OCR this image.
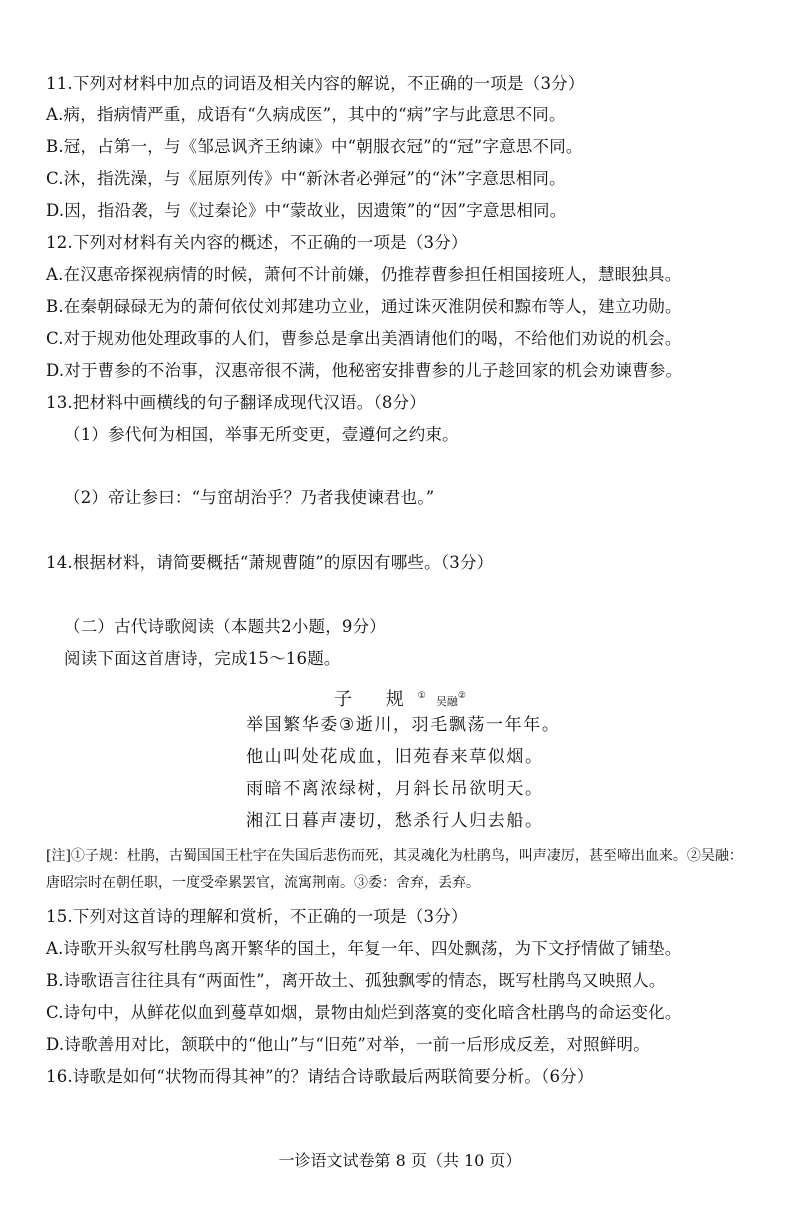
11.下列对材料中加点的词语及相关内容的解说，不正确的一项是（3分）
A.病，指病情严重，成语有“久病成医”，其中的“病”字与此意思不同。
B.冠，占第一，与《邹忌讽齐王纳谏》中“朝服衣冠”的“冠”字意思不同。
C.沐，指洗澡，与《屈原列传》中“新沐者必弹冠”的“沐”字意思相同。
D.因，指沿袭，与《过秦论》中“蒙故业，因遗策”的“因”字意思相同。
12.下列对材料有关内容的概述，不正确的一项是（3分）
A.在汉惠帝探视病情的时候，萧何不计前嫌，仍推荐曹参担任相国接班人，慧眼独具。
B.在秦朝碌碌无为的萧何依仗刘邦建功立业，通过诛灭淮阴侯和黥布等人，建立功勋。
C.对于规劝他处理政事的人们，曹参总是拿出美酒请他们的喝，不给他们劝说的机会。
D.对于曹参的不治事，汉惠帝很不满，他秘密安排曹参的儿子趁回家的机会劝谏曹参。
13.把材料中画横线的句子翻译成现代汉语。（8分）
（1）参代何为相国，举事无所变更，壹遵何之约束。
（2）帝让参曰：“与窋胡治乎？乃者我使谏君也。”
14.根据材料，请简要概括“萧规曹随”的原因有哪些。（3分）
（二）古代诗歌阅读（本题共2小题，9分）
阅读下面这首唐诗，完成15～16题。
子 规① 吴融②
举国繁华委③逝川，羽毛飘荡一年年。
他山叫处花成血，旧苑春来草似烟。
雨暗不离浓绿树，月斜长吊欲明天。
湘江日暮声凄切，愁杀行人归去船。
[注]①子规：杜鹃，古蜀国国王杜宇在失国后悲伤而死，其灵魂化为杜鹃鸟，叫声凄厉，甚至啼出血来。②吴融：唐昭宗时在朝任职，一度受牵累罢官，流寓荆南。③委：舍弃，丢弃。
15.下列对这首诗的理解和赏析，不正确的一项是（3分）
A.诗歌开头叙写杜鹃鸟离开繁华的国土，年复一年、四处飘荡，为下文抒情做了铺垫。
B.诗歌语言往往具有“两面性”，离开故土、孤独飘零的情态，既写杜鹃鸟又映照人。
C.诗句中，从鲜花似血到蔓草如烟，景物由灿烂到落寞的变化暗含杜鹃鸟的命运变化。
D.诗歌善用对比，颔联中的“他山”与“旧苑”对举，一前一后形成反差，对照鲜明。
16.诗歌是如何“状物而得其神”的？请结合诗歌最后两联简要分析。（6分）
一诊语文试卷第 8 页（共 10 页）
